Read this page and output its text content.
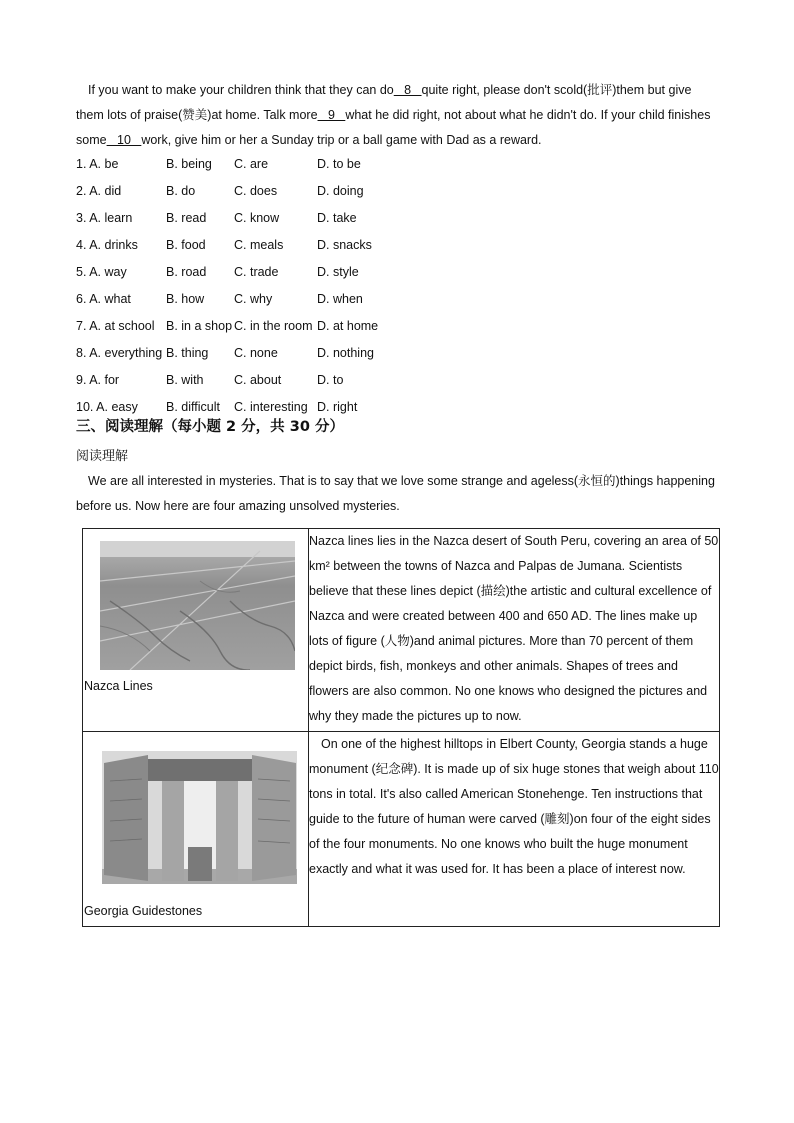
If you want to make your children think that they can do   8   quite right, please don't scold(批评)them but give them lots of praise(赞美)at home. Talk more   9   what he did right, not about what he didn't do. If your child finishes some   10   work, give him or her a Sunday trip or a ball game with Dad as a reward.

1. A. be	B. being	C. are	D. to be
2. A. did	B. do	C. does	D. doing
3. A. learn	B. read	C. know	D. take
4. A. drinks	B. food	C. meals	D. snacks
5. A. way	B. road	C. trade	D. style
6. A. what	B. how	C. why	D. when
7. A. at school B. in a shop C. in the room D. at home
8. A. everything B. thing	C. none	D. nothing
9. A. for	B. with	C. about	D. to
10. A. easy	B. difficult	C. interesting D. right

三、阅读理解（每小题 2 分，共 30 分）

阅读理解

We are all interested in mysteries. That is to say that we love some strange and ageless(永恒的)things happening before us. Now here are four amazing unsolved mysteries.

Nazca Lines	Nazca lines lies in the Nazca desert of South Peru, covering an area of 50 km² between the towns of Nazca and Palpas de Jumana. Scientists believe that these lines depict (描绘)the artistic and cultural excellence of Nazca and were created between 400 and 650 AD. The lines make up lots of figure (人物)and animal pictures. More than 70 percent of them depict birds, fish, monkeys and other animals. Shapes of trees and flowers are also common. No one knows who designed the pictures and why they made the pictures up to now.

Georgia Guidestones	On one of the highest hilltops in Elbert County, Georgia stands a huge monument (纪念碑). It is made up of six huge stones that weigh about 110 tons in total. It's also called American Stonehenge. Ten instructions that guide to the future of human were carved (雕刻)on four of the eight sides of the four monuments. No one knows who built the huge monument exactly and what it was used for. It has been a place of interest now.
